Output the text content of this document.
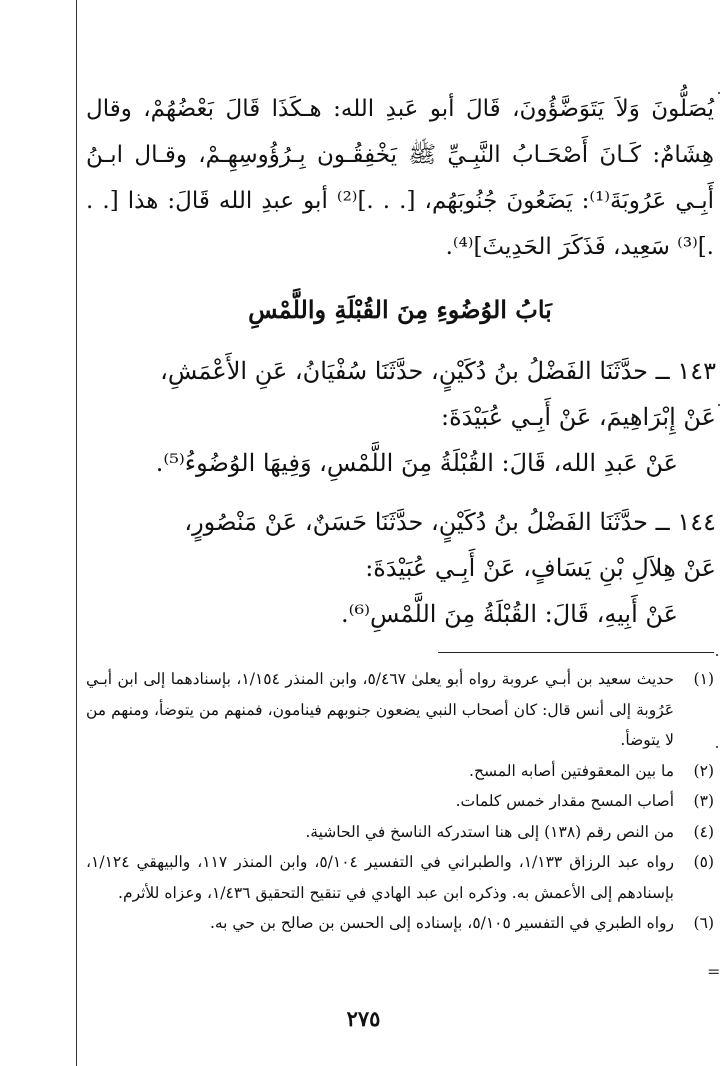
يُصَلُّونَ وَلاَ يَتَوَضَّؤُونَ، قَالَ أبو عَبدِ الله: هـكَذَا قَالَ بَعْضُهُمْ، وقال هِشَامٌ: كَـانَ أَصْحَـابُ النَّبِـيِّ ﷺ يَخْفِقُـون بِـرُؤُوسِهِـمْ، وقـال ابـنُ أَبِـي عَرُوبَةَ⁽¹⁾: يَضَعُونَ جُنُوبَهُم، [. . .]⁽²⁾ أبو عبدِ الله قَالَ: هذا [. . .]⁽³⁾ سَعِيد، فَذَكَرَ الحَدِيثَ]⁽⁴⁾.

بَابُ الوُضُوءِ مِنَ القُبْلَةِ واللَّمْسِ

١٤٣ ــ حدَّثَنَا الفَضْلُ بنُ دُكَيْنٍ، حدَّثَنَا سُفْيَانُ، عَنِ الأَعْمَشِ،

عَنْ إِبْرَاهِيمَ، عَنْ أَبِـي عُبَيْدَةَ:

عَنْ عَبدِ الله، قَالَ: القُبْلَةُ مِنَ اللَّمْسِ، وَفِيهَا الوُضُوءُ⁽⁵⁾.

١٤٤ ــ حدَّثَنَا الفَضْلُ بنُ دُكَيْنٍ، حدَّثَنَا حَسَنٌ، عَنْ مَنْصُورٍ،

عَنْ هِلاَلِ بْنِ يَسَافٍ، عَنْ أَبِـي عُبَيْدَةَ:

عَنْ أَبِيهِ، قَالَ: القُبْلَةُ مِنَ اللَّمْسِ⁽⁶⁾.

(١)
حديث سعيد بن أبـي عروبة رواه أبو يعلىٰ ٥/٤٦٧، وابن المنذر ١/١٥٤، بإسنادهما إلى ابن أبـي عَرُوبة إلى أنس قال: كان أصحاب النبي يضعون جنوبهم فينامون، فمنهم من يتوضأ، ومنهم من لا يتوضأ.
(٢)
ما بين المعقوفتين أصابه المسح.
(٣)
أصاب المسح مقدار خمس كلمات.
(٤)
من النص رقم (١٣٨) إلى هنا استدركه الناسخ في الحاشية.
(٥)
رواه عبد الرزاق ١/١٣٣، والطبراني في التفسير ٥/١٠٤، وابن المنذر ١١٧، والبيهقي ١/١٢٤، بإسنادهم إلى الأعمش به. وذكره ابن عبد الهادي في تنقيح التحقيق ١/٤٣٦، وعزاه للأثرم.
(٦)
رواه الطبري في التفسير ٥/١٠٥، بإسناده إلى الحسن بن صالح بن حي به.
٢٧٥
=
